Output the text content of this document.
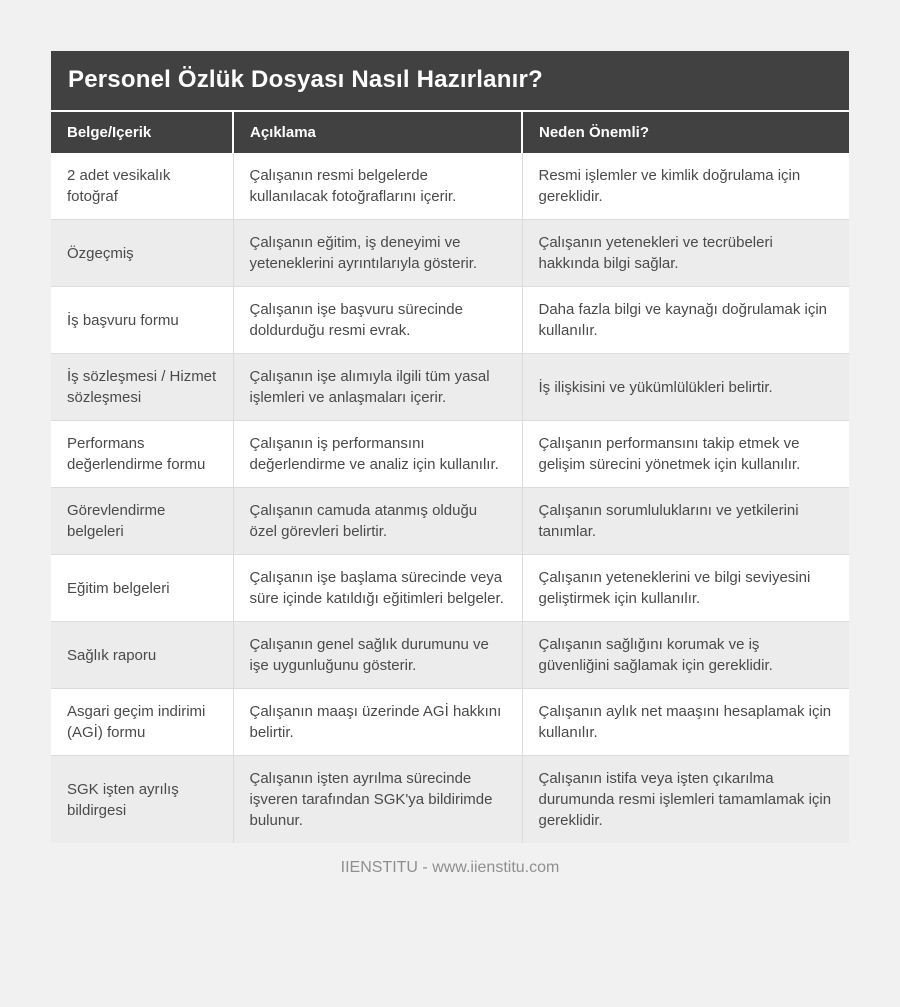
Personel Özlük Dosyası Nasıl Hazırlanır?
Belge/Içerik	Açıklama	Neden Önemli?
2 adet vesikalık fotoğraf	Çalışanın resmi belgelerde kullanılacak fotoğraflarını içerir.	Resmi işlemler ve kimlik doğrulama için gereklidir.
Özgeçmiş	Çalışanın eğitim, iş deneyimi ve yeteneklerini ayrıntılarıyla gösterir.	Çalışanın yetenekleri ve tecrübeleri hakkında bilgi sağlar.
İş başvuru formu	Çalışanın işe başvuru sürecinde doldurduğu resmi evrak.	Daha fazla bilgi ve kaynağı doğrulamak için kullanılır.
İş sözleşmesi / Hizmet sözleşmesi	Çalışanın işe alımıyla ilgili tüm yasal işlemleri ve anlaşmaları içerir.	İş ilişkisini ve yükümlülükleri belirtir.
Performans değerlendirme formu	Çalışanın iş performansını değerlendirme ve analiz için kullanılır.	Çalışanın performansını takip etmek ve gelişim sürecini yönetmek için kullanılır.
Görevlendirme belgeleri	Çalışanın camuda atanmış olduğu özel görevleri belirtir.	Çalışanın sorumluluklarını ve yetkilerini tanımlar.
Eğitim belgeleri	Çalışanın işe başlama sürecinde veya süre içinde katıldığı eğitimleri belgeler.	Çalışanın yeteneklerini ve bilgi seviyesini geliştirmek için kullanılır.
Sağlık raporu	Çalışanın genel sağlık durumunu ve işe uygunluğunu gösterir.	Çalışanın sağlığını korumak ve iş güvenliğini sağlamak için gereklidir.
Asgari geçim indirimi (AGİ) formu	Çalışanın maaşı üzerinde AGİ hakkını belirtir.	Çalışanın aylık net maaşını hesaplamak için kullanılır.
SGK işten ayrılış bildirgesi	Çalışanın işten ayrılma sürecinde işveren tarafından SGK'ya bildirimde bulunur.	Çalışanın istifa veya işten çıkarılma durumunda resmi işlemleri tamamlamak için gereklidir.
IIENSTITU - www.iienstitu.com
